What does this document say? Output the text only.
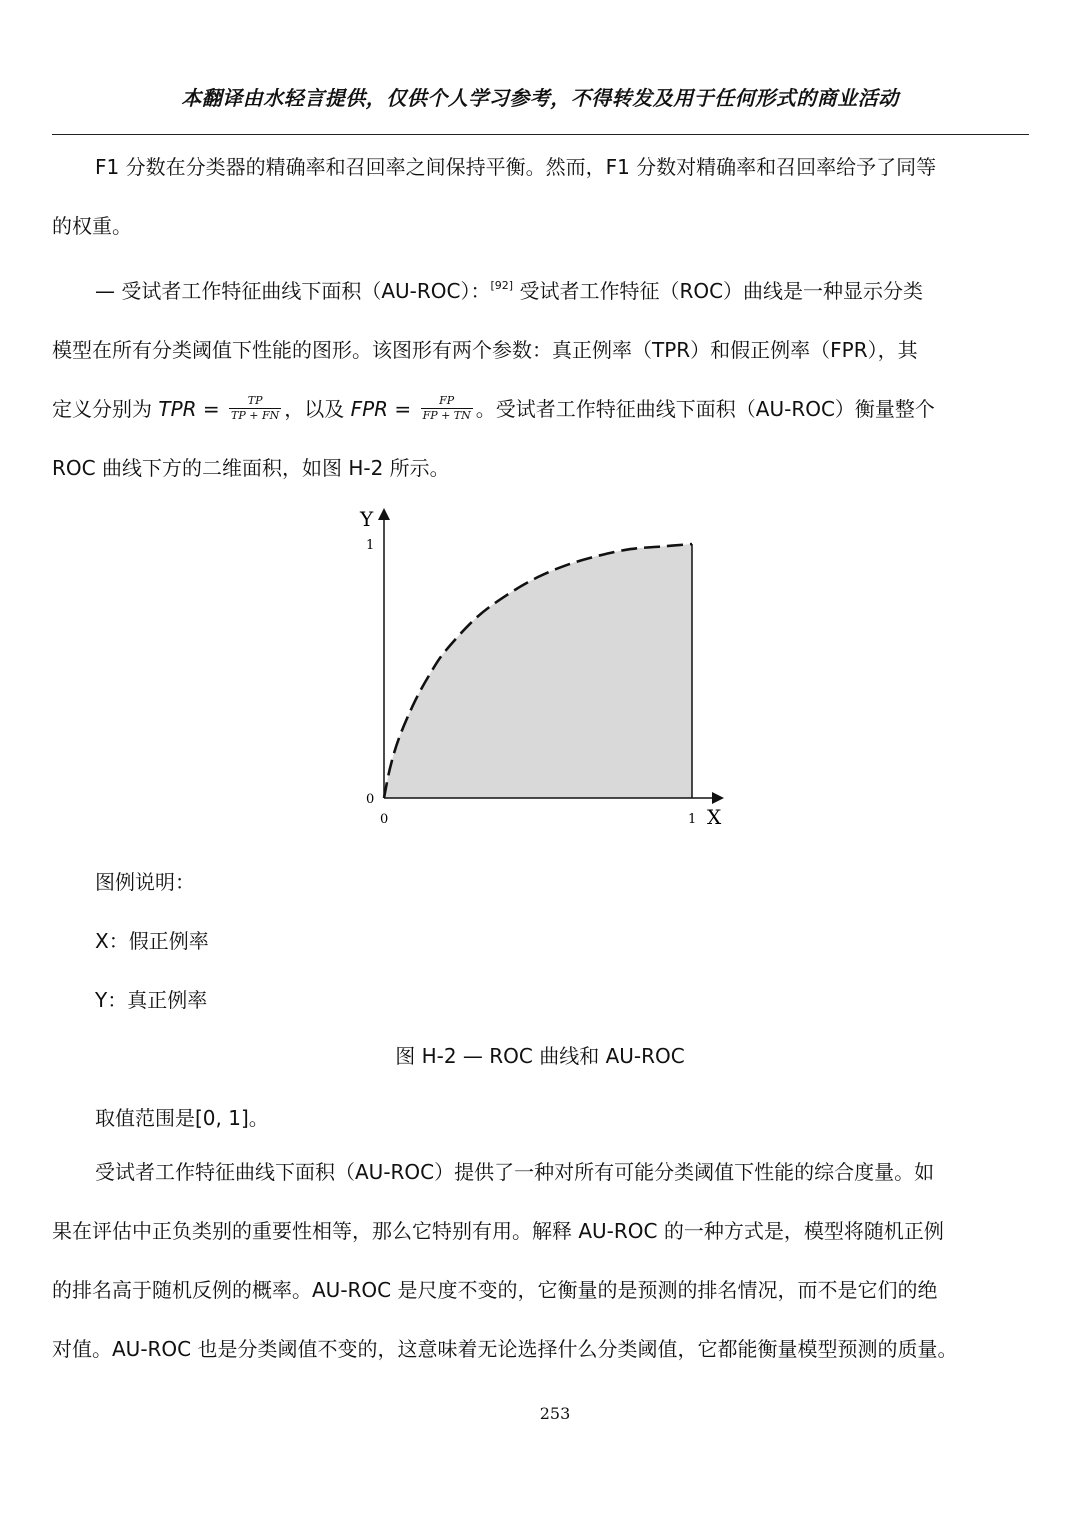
本翻译由水轻言提供，仅供个人学习参考，不得转发及用于任何形式的商业活动

F1 分数在分类器的精确率和召回率之间保持平衡。然而，F1 分数对精确率和召回率给予了同等
的权重。

— 受试者工作特征曲线下面积（AU-ROC）：[92] 受试者工作特征（ROC）曲线是一种显示分类
模型在所有分类阈值下性能的图形。该图形有两个参数：真正例率（TPR）和假正例率（FPR），其
定义分别为 TPR = $\frac{TP}{TP + FN}$ ，以及 FPR = $\frac{FP}{FP + TN}$ 。受试者工作特征曲线下面积（AU-ROC）衡量整个
ROC 曲线下方的二维面积，如图 H-2 所示。

Y
X
0
1
0	1

图例说明：

X：假正例率

Y：真正例率

图 H-2 — ROC 曲线和 AU-ROC

取值范围是[0, 1]。

受试者工作特征曲线下面积（AU-ROC）提供了一种对所有可能分类阈值下性能的综合度量。如
果在评估中正负类别的重要性相等，那么它特别有用。解释 AU-ROC 的一种方式是，模型将随机正例
的排名高于随机反例的概率。AU-ROC 是尺度不变的，它衡量的是预测的排名情况，而不是它们的绝
对值。AU-ROC 也是分类阈值不变的，这意味着无论选择什么分类阈值，它都能衡量模型预测的质量。

253
